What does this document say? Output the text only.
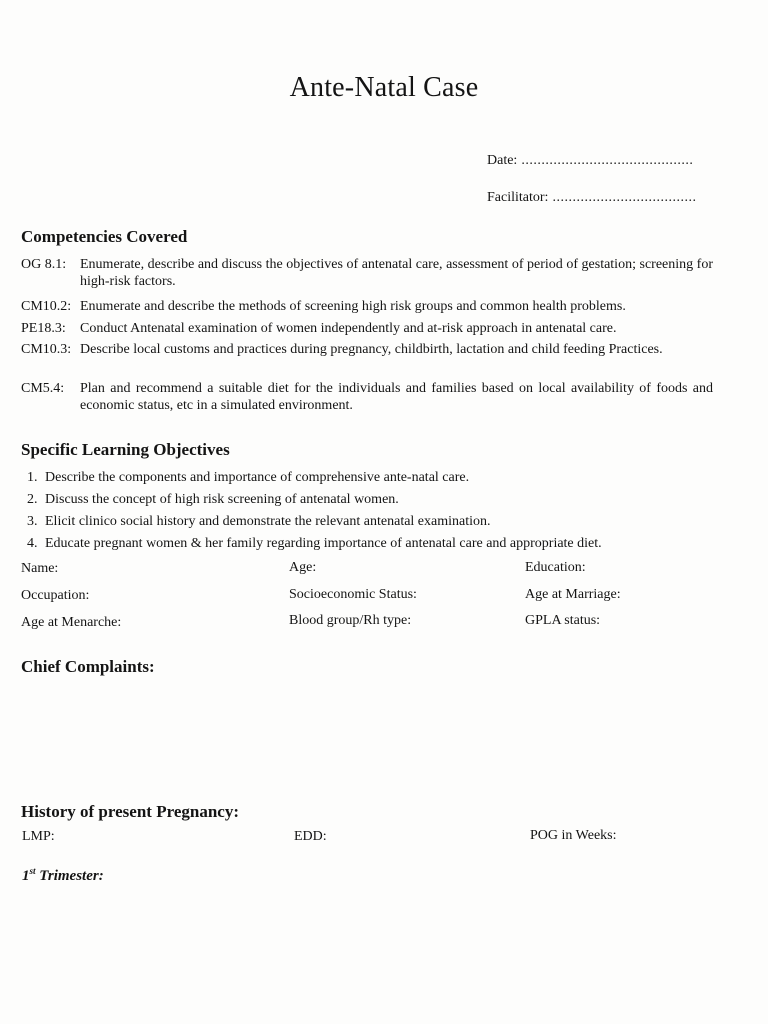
Ante-Natal Case
Date: ...........................................
Facilitator: ....................................
Competencies Covered
OG 8.1: Enumerate, describe and discuss the objectives of antenatal care, assessment of period of gestation; screening for high-risk factors.
CM10.2: Enumerate and describe the methods of screening high risk groups and common health problems.
PE18.3:	Conduct Antenatal examination of women independently and at-risk approach in antenatal care.
CM10.3: Describe local customs and practices during pregnancy, childbirth, lactation and child feeding Practices.
CM5.4:	Plan and recommend a suitable diet for the individuals and families based on local availability of foods and economic status, etc in a simulated environment.
Specific Learning Objectives
1. Describe the components and importance of comprehensive ante-natal care.
2. Discuss the concept of high risk screening of antenatal women.
3. Elicit clinico social history and demonstrate the relevant antenatal examination.
4. Educate pregnant women & her family regarding importance of antenatal care and appropriate diet.
Name:	Age:	Education:
Occupation:	Socioeconomic Status:	Age at Marriage:
Age at Menarche:	Blood group/Rh type:	GPLA status:
Chief Complaints:
History of present Pregnancy:
LMP:	EDD:	POG in Weeks:
1st Trimester:
